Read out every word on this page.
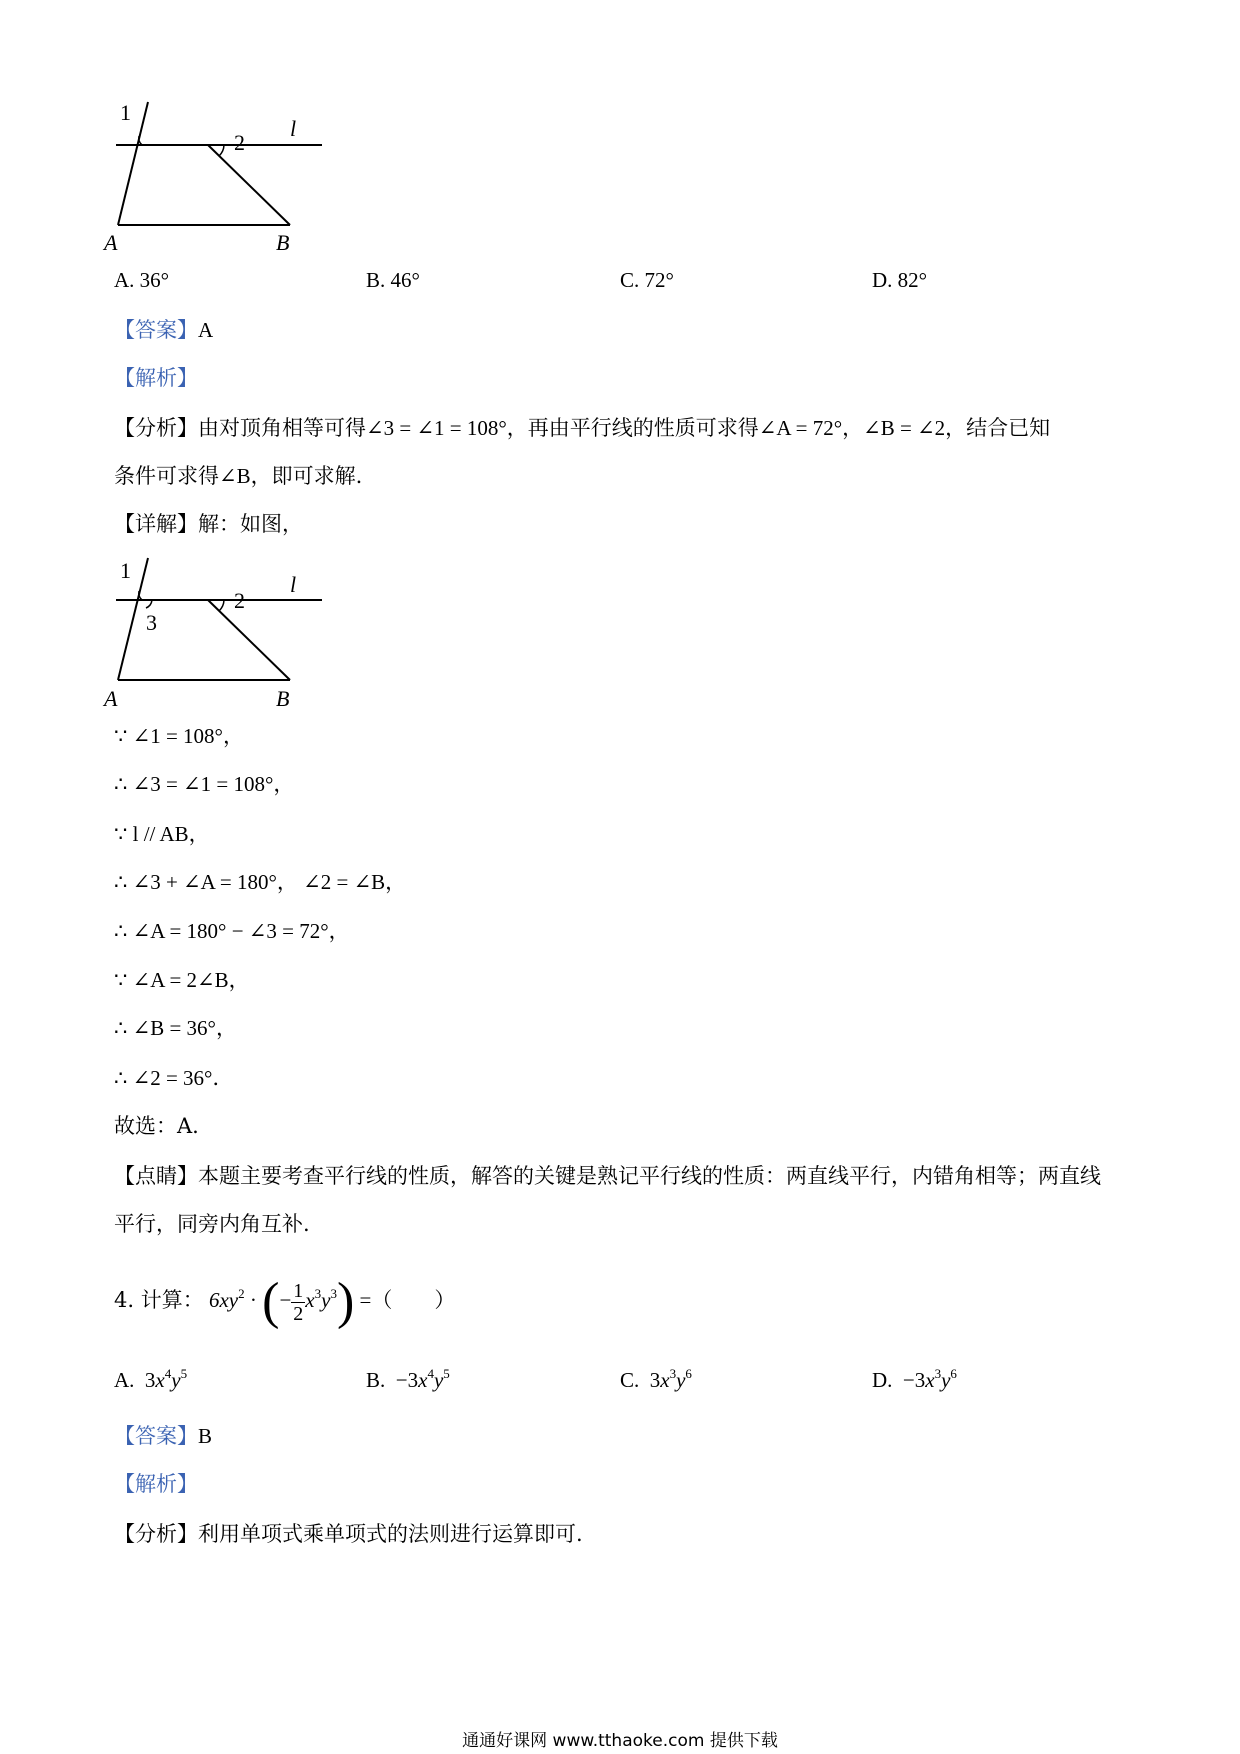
1
2
l
A	B
A. 36°	B. 46°	C. 72°	D. 82°
【答案】A
【解析】
【分析】由对顶角相等可得∠3 = ∠1 = 108°，再由平行线的性质可求得∠A = 72°，∠B = ∠2，结合已知
条件可求得∠B，即可求解.
【详解】解：如图，
1
3
2
l
A	B
∵ ∠1 = 108°，
∴ ∠3 = ∠1 = 108°，
∵ l // AB，
∴ ∠3 + ∠A = 180°， ∠2 = ∠B，
∴ ∠A = 180° − ∠3 = 72°，
∵ ∠A = 2∠B，
∴ ∠B = 36°，
∴ ∠2 = 36°．
故选：A.
【点睛】本题主要考查平行线的性质，解答的关键是熟记平行线的性质：两直线平行，内错角相等；两直线
平行，同旁内角互补.
4. 计算： $6xy^2$ · (− $\frac{1}{2} x^3y^3$) =（　　）
A. $3x^4y^5$	B. $-3x^4y^5$	C. $3x^3y^6$	D. $-3x^3y^6$
【答案】B
【解析】
【分析】利用单项式乘单项式的法则进行运算即可.
通通好课网 www.tthaoke.com 提供下载
